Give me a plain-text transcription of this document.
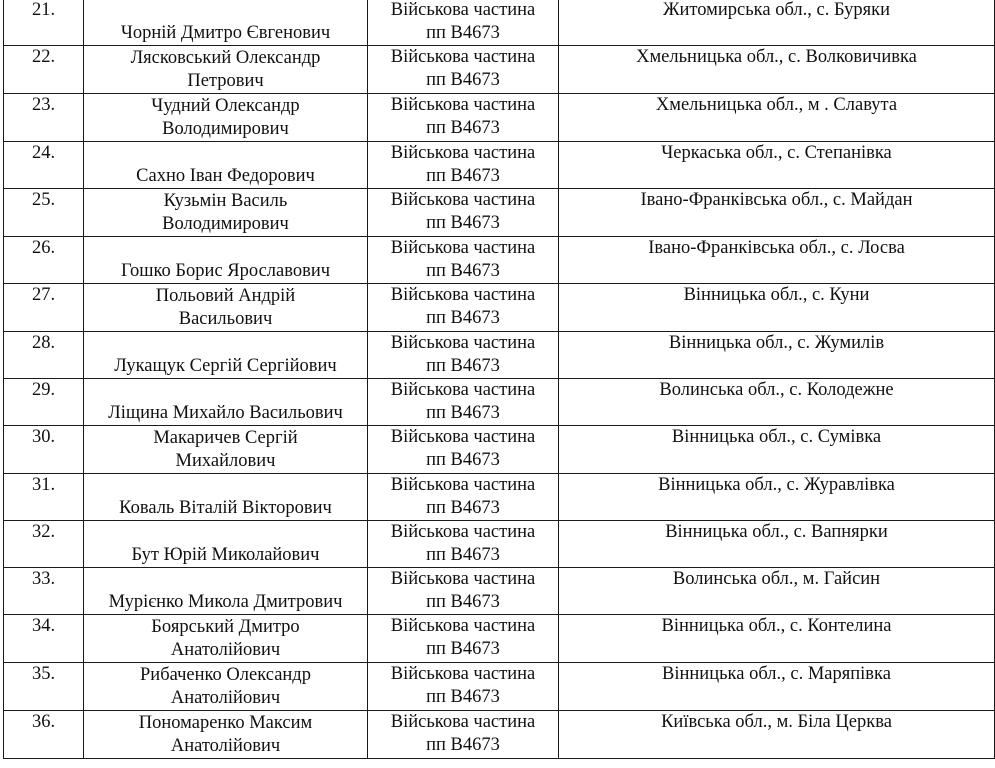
21.	Чорній Дмитро Євгенович	Військова частина
пп В4673	Житомирська обл., с. Буряки
22.	Лясковський Олександр
Петрович	Військова частина
пп В4673	Хмельницька обл., с. Волковичивка
23.	Чудний Олександр
Володимирович	Військова частина
пп В4673	Хмельницька обл., м . Славута
24.	Сахно Іван Федорович	Військова частина
пп В4673	Черкаська обл., с. Степанівка
25.	Кузьмін Василь
Володимирович	Військова частина
пп В4673	Івано-Франківська обл., с. Майдан
26.	Гошко Борис Ярославович	Військова частина
пп В4673	Івано-Франківська обл., с. Лосва
27.	Польовий Андрій
Васильович	Військова частина
пп В4673	Вінницька обл., с. Куни
28.	Лукащук Сергій Сергійович	Військова частина
пп В4673	Вінницька обл., с. Жумилів
29.	Ліщина Михайло Васильович	Військова частина
пп В4673	Волинська обл., с. Колодежне
30.	Макаричев Сергій
Михайлович	Військова частина
пп В4673	Вінницька обл., с. Сумівка
31.	Коваль Віталій Вікторович	Військова частина
пп В4673	Вінницька обл., с. Журавлівка
32.	Бут Юрій Миколайович	Військова частина
пп В4673	Вінницька обл., с. Вапнярки
33.	Мурієнко Микола Дмитрович	Військова частина
пп В4673	Волинська обл., м. Гайсин
34.	Боярський Дмитро
Анатолійович	Військова частина
пп В4673	Вінницька обл., с. Контелина
35.	Рибаченко Олександр
Анатолійович	Військова частина
пп В4673	Вінницька обл., с. Маряпівка
36.	Пономаренко Максим
Анатолійович	Військова частина
пп В4673	Київська обл., м. Біла Церква
